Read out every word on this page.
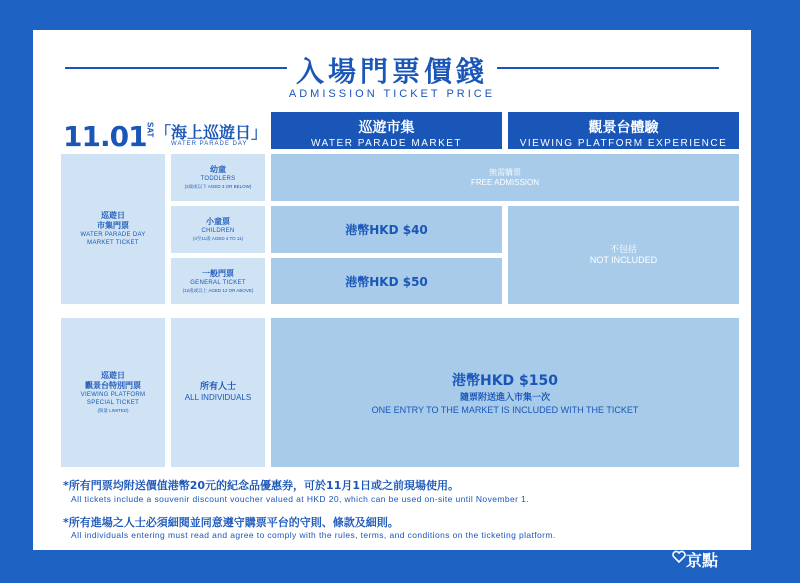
入場門票價錢
ADMISSION TICKET PRICE
11.01
SAT 「海上巡遊日」
WATER PARADE DAY
巡遊市集
WATER PARADE MARKET
觀景台體驗
VIEWING PLATFORM EXPERIENCE
巡遊日
市集門票
WATER PARADE DAY
MARKET TICKET
幼童
TODDLERS
(3歲或以下 AGED 3 OR BELOW)
小童票
CHILDREN
(4至11歲 AGED 4 TO 11)
一般門票
GENERAL TICKET
(12歲或以上 AGED 12 OR ABOVE)
無需購票
FREE ADMISSION
港幣HKD $40
港幣HKD $50
不包括
NOT INCLUDED
巡遊日
觀景台特別門票
VIEWING PLATFORM
SPECIAL TICKET
(限量 LIMITED)
所有人士
ALL INDIVIDUALS
港幣HKD $150
隨票附送進入市集一次
ONE ENTRY TO THE MARKET IS INCLUDED WITH THE TICKET
*所有門票均附送價值港幣20元的紀念品優惠券，可於11月1日或之前現場使用。
All tickets include a souvenir discount voucher valued at HKD 20, which can be used on-site until November 1.
*所有進場之人士必須細閱並同意遵守購票平台的守則、條款及細則。
All individuals entering must read and agree to comply with the rules, terms, and conditions on the ticketing platform.
京點
